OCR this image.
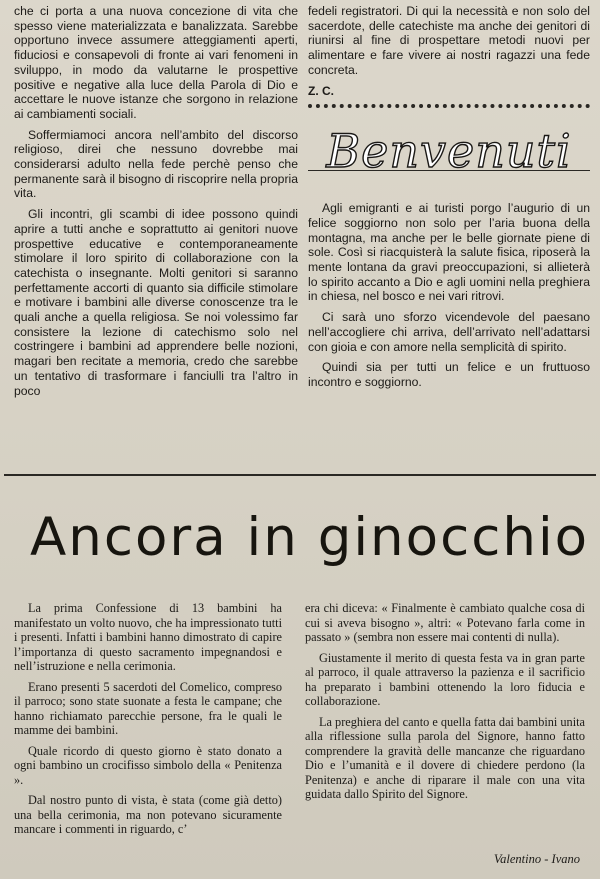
che ci porta a una nuova concezione di vita che spesso viene materializzata e banalizzata. Sarebbe opportuno invece assumere atteggiamenti aperti, fiduciosi e consapevoli di fronte ai vari fenomeni in sviluppo, in modo da valutarne le prospettive positive e negative alla luce della Parola di Dio e accettare le nuove istanze che sorgono in relazione ai cambiamenti sociali.

Soffermiamoci ancora nell’ambito del discorso religioso, direi che nessuno dovrebbe mai considerarsi adulto nella fede perchè penso che permanente sarà il bisogno di riscoprire nella propria vita.

Gli incontri, gli scambi di idee possono quindi aprire a tutti anche e soprattutto ai genitori nuove prospettive educative e contemporaneamente stimolare il loro spirito di collaborazione con la catechista o insegnante. Molti genitori si saranno perfettamente accorti di quanto sia difficile stimolare e motivare i bambini alle diverse conoscenze tra le quali anche a quella religiosa. Se noi volessimo far consistere la lezione di catechismo solo nel costringere i bambini ad apprendere belle nozioni, magari ben recitate a memoria, credo che sarebbe un tentativo di trasformare i fanciulli tra l’altro in poco

fedeli registratori. Di qui la necessità e non solo del sacerdote, delle catechiste ma anche dei genitori di riunirsi al fine di prospettare metodi nuovi per alimentare e fare vivere ai nostri ragazzi una fede concreta.

Z. C.

Benvenuti

Agli emigranti e ai turisti porgo l’augurio di un felice soggiorno non solo per l’aria buona della montagna, ma anche per le belle giornate piene di sole. Così si riacquisterà la salute fisica, riposerà la mente lontana da gravi preoccupazioni, si allieterà lo spirito accanto a Dio e agli uomini nella preghiera in chiesa, nel bosco e nei vari ritrovi.

Ci sarà uno sforzo vicendevole del paesano nell’accogliere chi arriva, dell’arrivato nell’adattarsi con gioia e con amore nella semplicità di spirito.

Quindi sia per tutti un felice e un fruttuoso incontro e soggiorno.

Ancora in ginocchio

La prima Confessione di 13 bambini ha manifestato un volto nuovo, che ha impressionato tutti i presenti. Infatti i bambini hanno dimostrato di capire l’importanza di questo sacramento impegnandosi e nell’istruzione e nella cerimonia.

Erano presenti 5 sacerdoti del Comelico, compreso il parroco; sono state suonate a festa le campane; che hanno richiamato parecchie persone, fra le quali le mamme dei bambini.

Quale ricordo di questo giorno è stato donato a ogni bambino un crocifisso simbolo della « Penitenza ».

Dal nostro punto di vista, è stata (come già detto) una bella cerimonia, ma non potevano sicuramente mancare i commenti in riguardo, c’

era chi diceva: « Finalmente è cambiato qualche cosa di cui si aveva bisogno », altri: « Potevano farla come in passato » (sembra non essere mai contenti di nulla).

Giustamente il merito di questa festa va in gran parte al parroco, il quale attraverso la pazienza e il sacrificio ha preparato i bambini ottenendo la loro fiducia e collaborazione.

La preghiera del canto e quella fatta dai bambini unita alla riflessione sulla parola del Signore, hanno fatto comprendere la gravità delle mancanze che riguardano Dio e l’umanità e il dovere di chiedere perdono (la Penitenza) e anche di riparare il male con una vita guidata dallo Spirito del Signore.

Valentino - Ivano
